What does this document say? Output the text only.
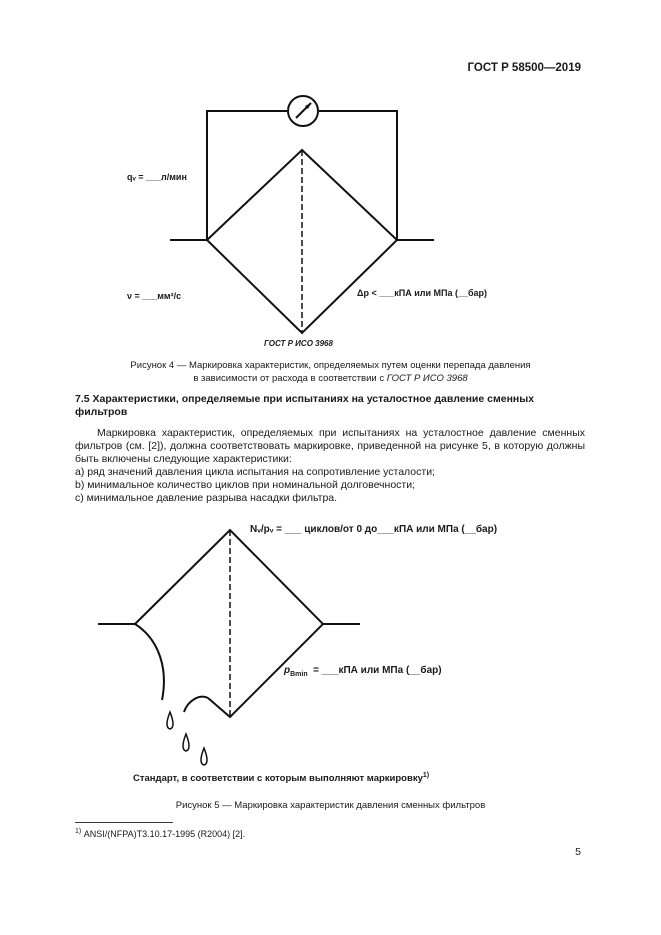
ГОСТ Р 58500—2019
qᵥ = ___л/мин
ν = ___мм²/с	Δp < ___кПА или МПа (__бар)
ГОСТ Р ИСО 3968
Рисунок 4 — Маркировка характеристик, определяемых путем оценки перепада давления
в зависимости от расхода в соответствии с ГОСТ Р ИСО 3968
7.5 Характеристики, определяемые при испытаниях на усталостное давление сменных
фильтров
Маркировка характеристик, определяемых при испытаниях на усталостное давление сменных фильтров (см. [2]), должна соответствовать маркировке, приведенной на рисунке 5, в которую должны быть включены следующие характеристики:
a) ряд значений давления цикла испытания на сопротивление усталости;
b) минимальное количество циклов при номинальной долговечности;
c) минимальное давление разрыва насадки фильтра.
Nᵥ/pᵥ = ___ циклов/от 0 до___кПА или МПа (__бар)
$p_{Bmin}$ = ___кПА или МПа (__бар)
Стандарт, в соответствии с которым выполняют маркировку$^{1)}$
Рисунок 5 — Маркировка характеристик давления сменных фильтров
$^{1)}$ ANSI/(NFPA)T3.10.17-1995 (R2004) [2].
5
